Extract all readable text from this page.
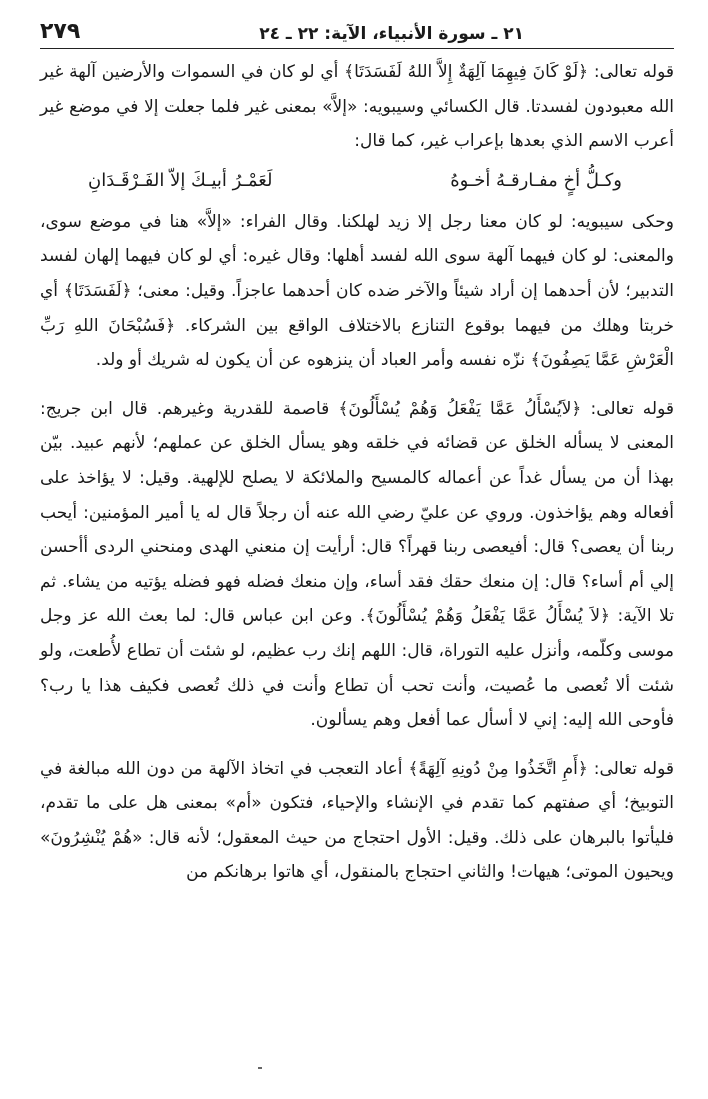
٢٧٩	٢١ ـ سورة الأنبياء، الآية: ٢٢ ـ ٢٤

قوله تعالى: ﴿لَوْ كَانَ فِيهِمَا آلِهَةٌ إِلاَّ اللهُ لَفَسَدَتَا﴾ أي لو كان في السموات والأرضين آلهة غير الله معبودون لفسدتا. قال الكسائي وسيبويه: «إلاَّ» بمعنى غير فلما جعلت إلا في موضع غير أعرب الاسم الذي بعدها بإعراب غير، كما قال:

وكـلُّ أخٍ مفـارقـهُ أخـوهُ
لَعَمْـرُ أبيـكَ إلاّ الفَـرْقَـدَانِ

وحكى سيبويه: لو كان معنا رجل إلا زيد لهلكنا. وقال الفراء: «إلاَّ» هنا في موضع سوى، والمعنى: لو كان فيهما آلهة سوى الله لفسد أهلها: وقال غيره: أي لو كان فيهما إلهان لفسد التدبير؛ لأن أحدهما إن أراد شيئاً والآخر ضده كان أحدهما عاجزاً. وقيل: معنى؛ ﴿لَفَسَدَتَا﴾ أي خربتا وهلك من فيهما بوقوع التنازع بالاختلاف الواقع بين الشركاء. ﴿فَسُبْحَانَ اللهِ رَبِّ الْعَرْشِ عَمَّا يَصِفُونَ﴾ نزّه نفسه وأمر العباد أن ينزهوه عن أن يكون له شريك أو ولد.

قوله تعالى: ﴿لاَيُسْأَلُ عَمَّا يَفْعَلُ وَهُمْ يُسْأَلُونَ﴾ قاصمة للقدرية وغيرهم. قال ابن جريج: المعنى لا يسأله الخلق عن قضائه في خلقه وهو يسأل الخلق عن عملهم؛ لأنهم عبيد. بيّن بهذا أن من يسأل غداً عن أعماله كالمسيح والملائكة لا يصلح للإلهية. وقيل: لا يؤاخذ على أفعاله وهم يؤاخذون. وروي عن عليّ رضي الله عنه أن رجلاً قال له يا أمير المؤمنين: أيحب ربنا أن يعصى؟ قال: أفيعصى ربنا قهراً؟ قال: أرأيت إن منعني الهدى ومنحني الردى أأحسن إلي أم أساء؟ قال: إن منعك حقك فقد أساء، وإن منعك فضله فهو فضله يؤتيه من يشاء. ثم تلا الآية: ﴿لاَ يُسْأَلُ عَمَّا يَفْعَلُ وَهُمْ يُسْأَلُونَ﴾. وعن ابن عباس قال: لما بعث الله عز وجل موسى وكلّمه، وأنزل عليه التوراة، قال: اللهم إنك رب عظيم، لو شئت أن تطاع لأُطعت، ولو شئت ألا تُعصى ما عُصيت، وأنت تحب أن تطاع وأنت في ذلك تُعصى فكيف هذا يا رب؟ فأوحى الله إليه: إني لا أسأل عما أفعل وهم يسألون.

قوله تعالى: ﴿أَمِ اتَّخَذُوا مِنْ دُونِهِ آلِهَةً﴾ أعاد التعجب في اتخاذ الآلهة من دون الله مبالغة في التوبيخ؛ أي صفتهم كما تقدم في الإنشاء والإحياء، فتكون «أم» بمعنى هل على ما تقدم، فليأتوا بالبرهان على ذلك. وقيل: الأول احتجاج من حيث المعقول؛ لأنه قال: «هُمْ يُنْشِرُونَ» ويحيون الموتى؛ هيهات! والثاني احتجاج بالمنقول، أي هاتوا برهانكم من
